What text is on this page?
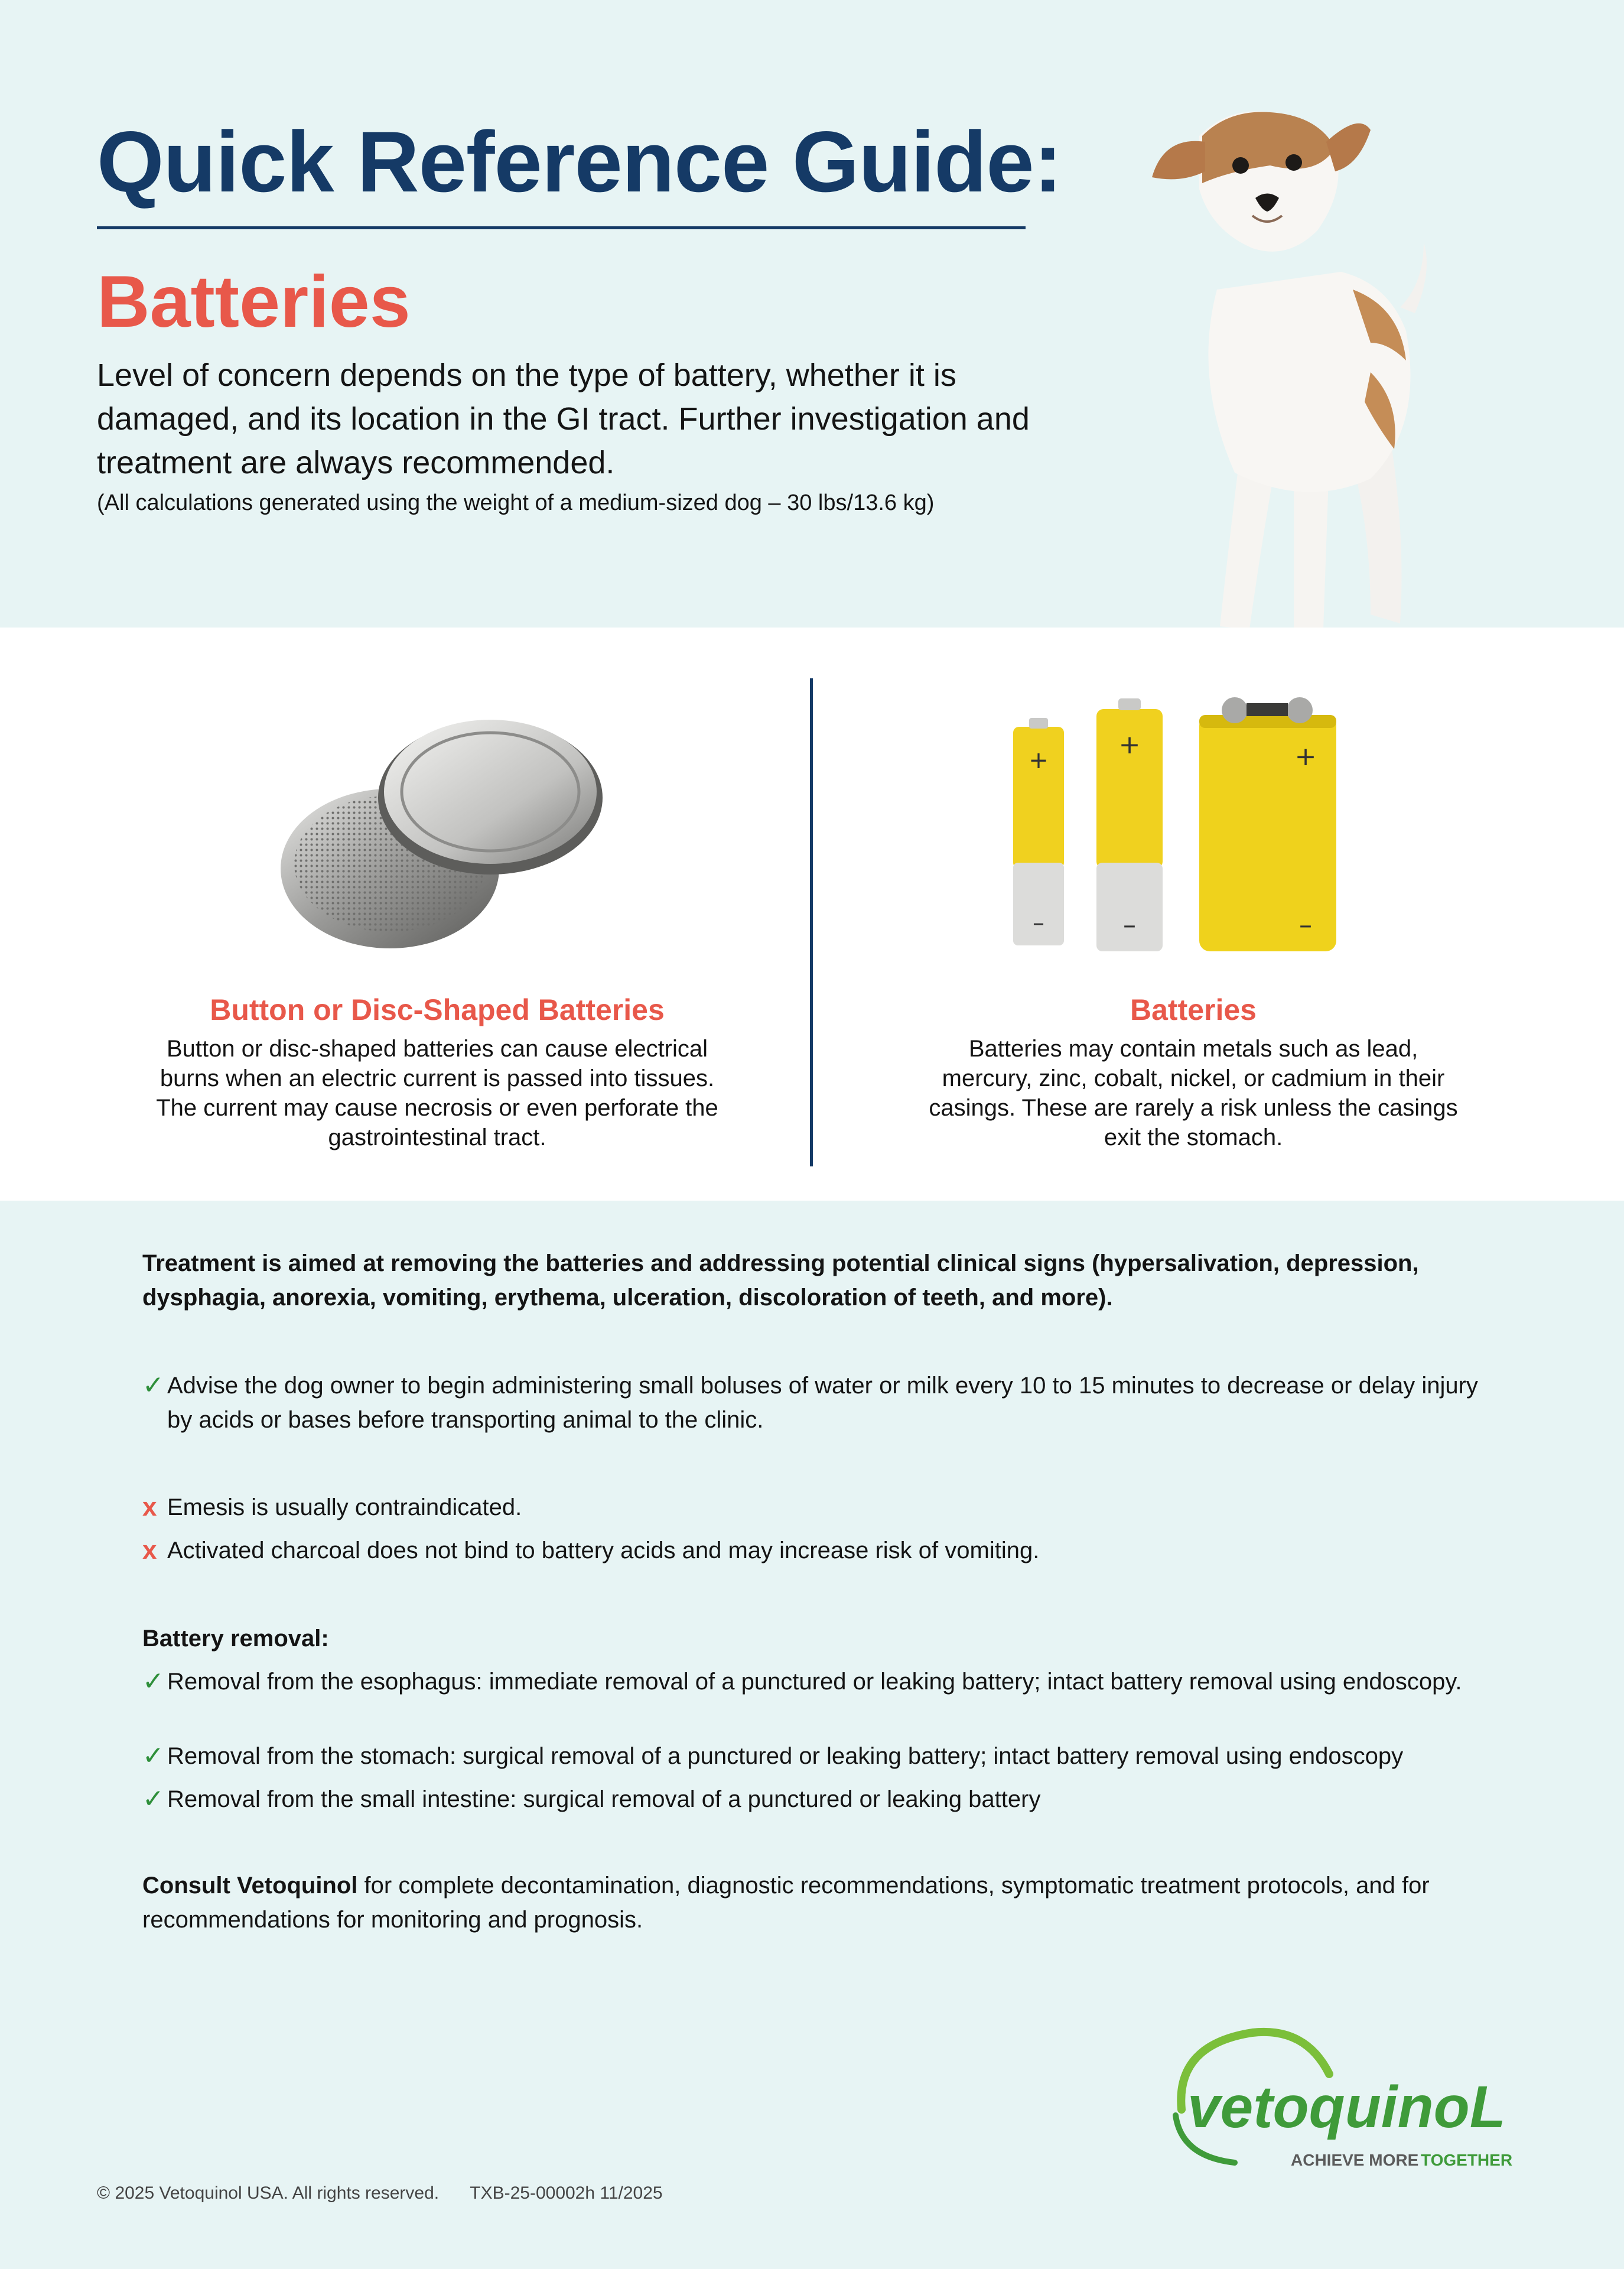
Quick Reference Guide:
Batteries
Level of concern depends on the type of battery, whether it is damaged, and its location in the GI tract. Further investigation and treatment are always recommended.
(All calculations generated using the weight of a medium-sized dog – 30 lbs/13.6 kg)
+
–
+
–
+
–
Button or Disc-Shaped Batteries
Button or disc-shaped batteries can cause electrical burns when an electric current is passed into tissues. The current may cause necrosis or even perforate the gastrointestinal tract.
Batteries
Batteries may contain metals such as lead, mercury, zinc, cobalt, nickel, or cadmium in their casings. These are rarely a risk unless the casings exit the stomach.
Treatment is aimed at removing the batteries and addressing potential clinical signs (hypersalivation, depression, dysphagia, anorexia, vomiting, erythema, ulceration, discoloration of teeth, and more).
✓ Advise the dog owner to begin administering small boluses of water or milk every 10 to 15 minutes to decrease or delay injury by acids or bases before transporting animal to the clinic.
x Emesis is usually contraindicated.
x Activated charcoal does not bind to battery acids and may increase risk of vomiting.
Battery removal:
✓ Removal from the esophagus: immediate removal of a punctured or leaking battery; intact battery removal using endoscopy.
✓ Removal from the stomach: surgical removal of a punctured or leaking battery; intact battery removal using endoscopy
✓ Removal from the small intestine: surgical removal of a punctured or leaking battery
Consult Vetoquinol for complete decontamination, diagnostic recommendations, symptomatic treatment protocols, and for recommendations for monitoring and prognosis.
vetoquinoL
ACHIEVE MORE TOGETHER
© 2025 Vetoquinol USA. All rights reserved. TXB-25-00002h 11/2025
